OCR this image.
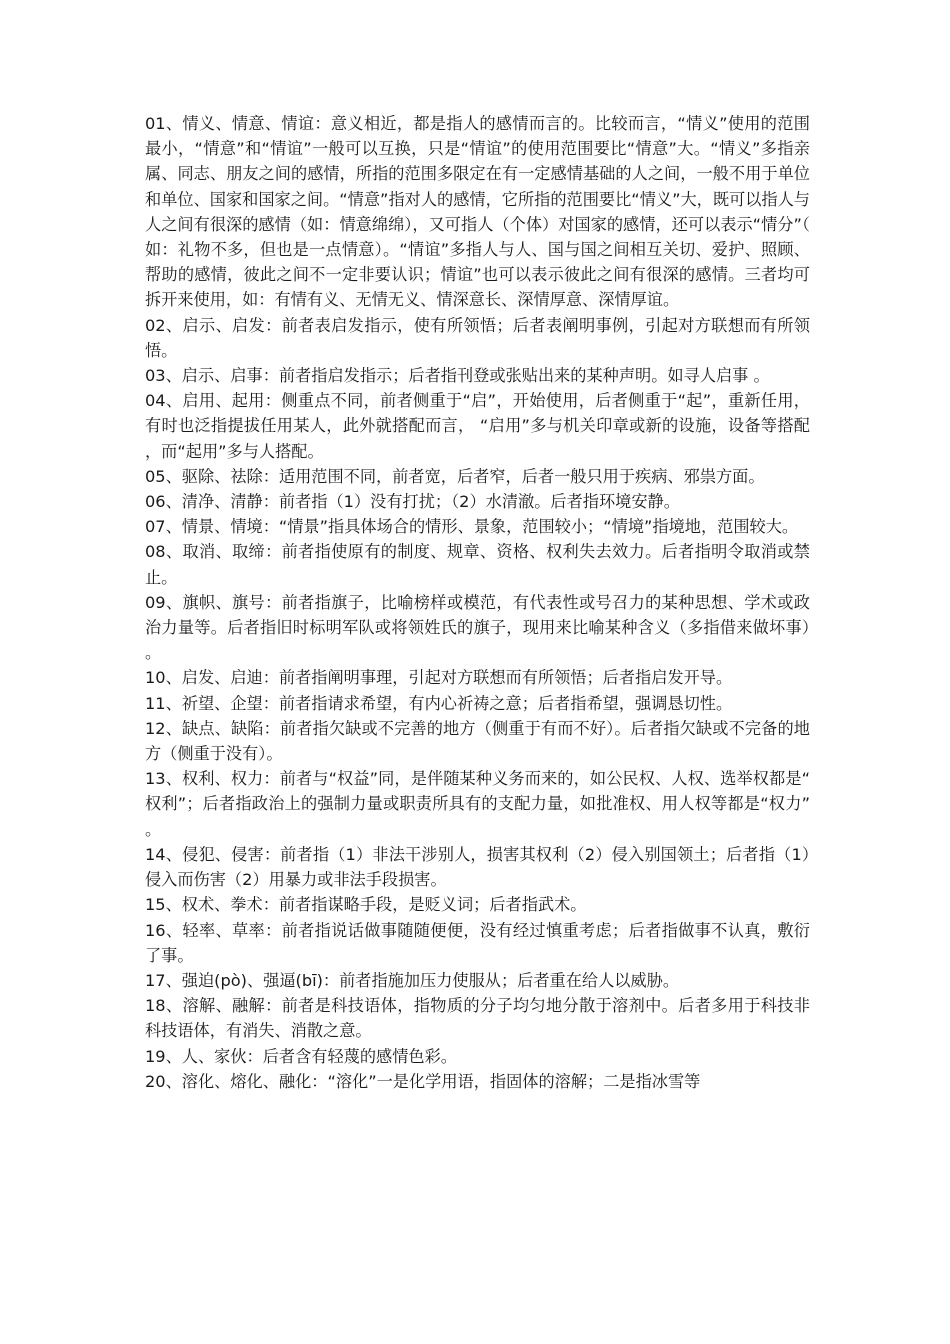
01、情义、情意、情谊：意义相近，都是指人的感情而言的。比较而言，“情义”使用的范围最小，“情意”和“情谊”一般可以互换，只是“情谊”的使用范围要比“情意”大。“情义”多指亲属、同志、朋友之间的感情，所指的范围多限定在有一定感情基础的人之间，一般不用于单位和单位、国家和国家之间。“情意”指对人的感情，它所指的范围要比“情义”大，既可以指人与人之间有很深的感情（如：情意绵绵），又可指人（个体）对国家的感情，还可以表示“情分”（如：礼物不多，但也是一点情意）。“情谊”多指人与人、国与国之间相互关切、爱护、照顾、帮助的感情，彼此之间不一定非要认识；情谊”也可以表示彼此之间有很深的感情。三者均可拆开来使用，如：有情有义、无情无义、情深意长、深情厚意、深情厚谊。

02、启示、启发：前者表启发指示，使有所领悟；后者表阐明事例，引起对方联想而有所领悟。

03、启示、启事：前者指启发指示；后者指刊登或张贴出来的某种声明。如寻人启事 。

04、启用、起用：侧重点不同，前者侧重于“启”，开始使用，后者侧重于“起”，重新任用，有时也泛指提拔任用某人，此外就搭配而言， “启用”多与机关印章或新的设施，设备等搭配，而“起用”多与人搭配。

05、驱除、祛除：适用范围不同，前者宽，后者窄，后者一般只用于疾病、邪祟方面。

06、清净、清静：前者指（1）没有打扰；（2）水清澈。后者指环境安静。

07、情景、情境：“情景”指具体场合的情形、景象，范围较小；“情境”指境地，范围较大。

08、取消、取缔：前者指使原有的制度、规章、资格、权利失去效力。后者指明令取消或禁止。

09、旗帜、旗号：前者指旗子，比喻榜样或模范，有代表性或号召力的某种思想、学术或政治力量等。后者指旧时标明军队或将领姓氏的旗子，现用来比喻某种含义（多指借来做坏事）。

10、启发、启迪：前者指阐明事理，引起对方联想而有所领悟；后者指启发开导。

11、祈望、企望：前者指请求希望，有内心祈祷之意；后者指希望，强调恳切性。

12、缺点、缺陷：前者指欠缺或不完善的地方（侧重于有而不好）。后者指欠缺或不完备的地方（侧重于没有）。

13、权利、权力：前者与“权益”同，是伴随某种义务而来的，如公民权、人权、选举权都是“权利”；后者指政治上的强制力量或职责所具有的支配力量，如批准权、用人权等都是“权力”。

14、侵犯、侵害：前者指（1）非法干涉别人，损害其权利（2）侵入别国领土；后者指（1）侵入而伤害（2）用暴力或非法手段损害。

15、权术、拳术：前者指谋略手段，是贬义词；后者指武术。

16、轻率、草率：前者指说话做事随随便便，没有经过慎重考虑；后者指做事不认真，敷衍了事。

17、强迫(pò)、强逼(bī)：前者指施加压力使服从；后者重在给人以威胁。

18、溶解、融解：前者是科技语体，指物质的分子均匀地分散于溶剂中。后者多用于科技非科技语体，有消失、消散之意。

19、人、家伙：后者含有轻蔑的感情色彩。

20、溶化、熔化、融化：“溶化”一是化学用语，指固体的溶解；二是指冰雪等
